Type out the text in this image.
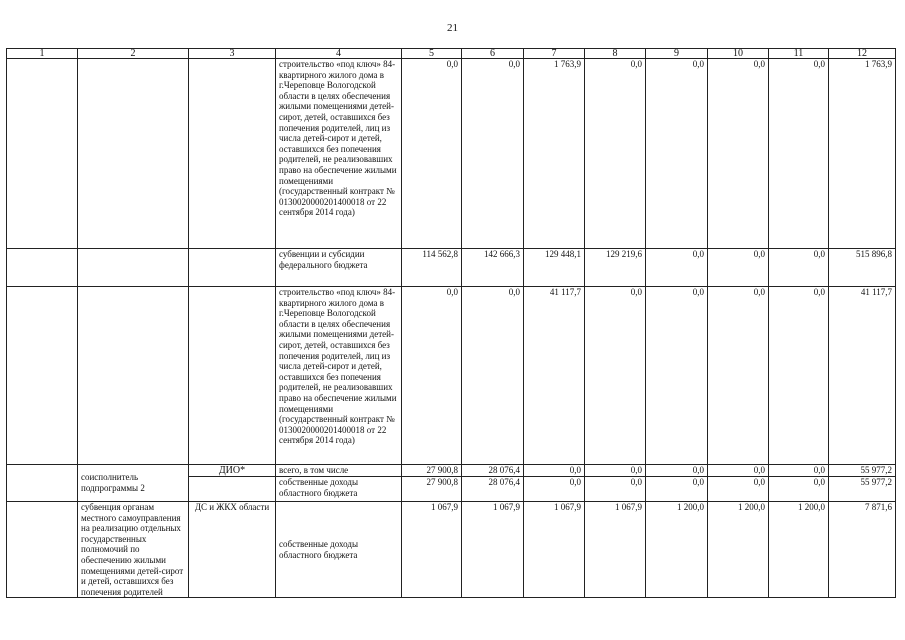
21
1	2	3	4	5	6	7	8	9	10	11	12
			строительство «под ключ» 84-квартирного жилого дома в г.Череповце Вологодской области в целях обеспечения жилыми помещениями детей-сирот, детей, оставшихся без попечения родителей, лиц из числа детей-сирот и детей, оставшихся без попечения родителей, не реализовавших право на обеспечение жилыми помещениями (государственный контракт № 0130020000201400018 от 22 сентября 2014 года)	0,0	0,0	1 763,9	0,0	0,0	0,0	0,0	1 763,9
			субвенции и субсидии федерального бюджета	114 562,8	142 666,3	129 448,1	129 219,6	0,0	0,0	0,0	515 896,8
			строительство «под ключ» 84-квартирного жилого дома в г.Череповце Вологодской области в целях обеспечения жилыми помещениями детей-сирот, детей, оставшихся без попечения родителей, лиц из числа детей-сирот и детей, оставшихся без попечения родителей, не реализовавших право на обеспечение жилыми помещениями (государственный контракт № 0130020000201400018 от 22 сентября 2014 года)	0,0	0,0	41 117,7	0,0	0,0	0,0	0,0	41 117,7
	соисполнитель подпрограммы 2	ДИО*	всего, в том числе	27 900,8	28 076,4	0,0	0,0	0,0	0,0	0,0	55 977,2
			собственные доходы областного бюджета	27 900,8	28 076,4	0,0	0,0	0,0	0,0	0,0	55 977,2
	субвенция органам местного самоуправления на реализацию отдельных государственных полномочий по обеспечению жилыми помещениями детей-сирот и детей, оставшихся без попечения родителей	ДС и ЖКХ области	собственные доходы областного бюджета	1 067,9	1 067,9	1 067,9	1 067,9	1 200,0	1 200,0	1 200,0	7 871,6
